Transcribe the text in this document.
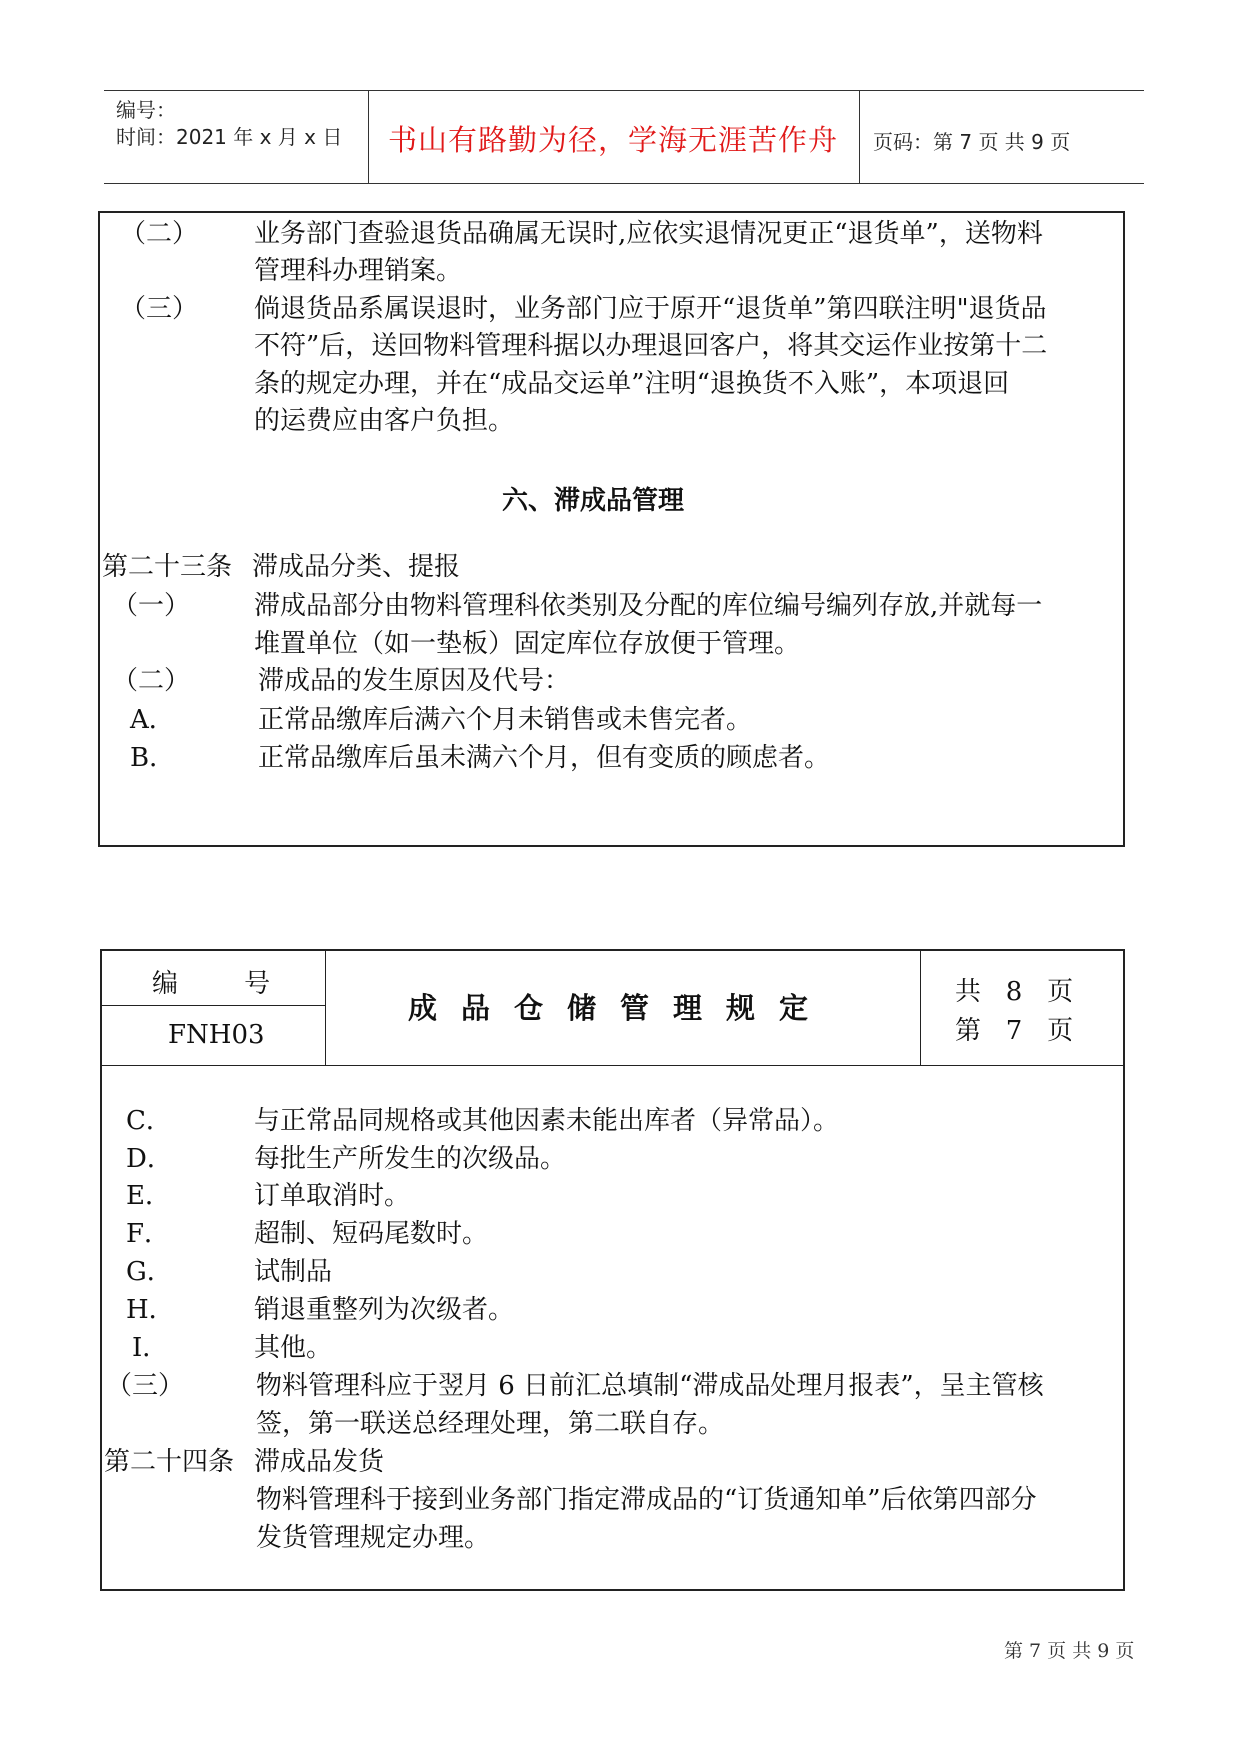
编号：
时间：2021 年 x 月 x 日 书山有路勤为径，学海无涯苦作舟 页码：第 7 页 共 9 页
（二） 业务部门查验退货品确属无误时,应依实退情况更正“退货单”，送物料
管理科办理销案。
（三） 倘退货品系属误退时，业务部门应于原开“退货单”第四联注明"退货品
不符”后，送回物料管理科据以办理退回客户，将其交运作业按第十二
条的规定办理，并在“成品交运单”注明“退换货不入账”，本项退回
的运费应由客户负担。
六、滞成品管理
第二十三条 滞成品分类、提报
（一） 滞成品部分由物料管理科依类别及分配的库位编号编列存放,并就每一
堆置单位（如一垫板）固定库位存放便于管理。
（二）	滞成品的发生原因及代号：
A．	正常品缴库后满六个月未销售或未售完者。
B．	正常品缴库后虽未满六个月，但有变质的顾虑者。
编        号
FNH03
成品仓储管理规定	共   8   页
第   7   页
C．	与正常品同规格或其他因素未能出库者（异常品）。
D．	每批生产所发生的次级品。
E．	订单取消时。
F．	超制、短码尾数时。
G．	试制品
H．	销退重整列为次级者。
I．	其他。
（三）	物料管理科应于翌月 6 日前汇总填制“滞成品处理月报表”，呈主管核
签，第一联送总经理处理，第二联自存。
第二十四条 滞成品发货
物料管理科于接到业务部门指定滞成品的“订货通知单”后依第四部分
发货管理规定办理。
第 7 页 共 9 页
